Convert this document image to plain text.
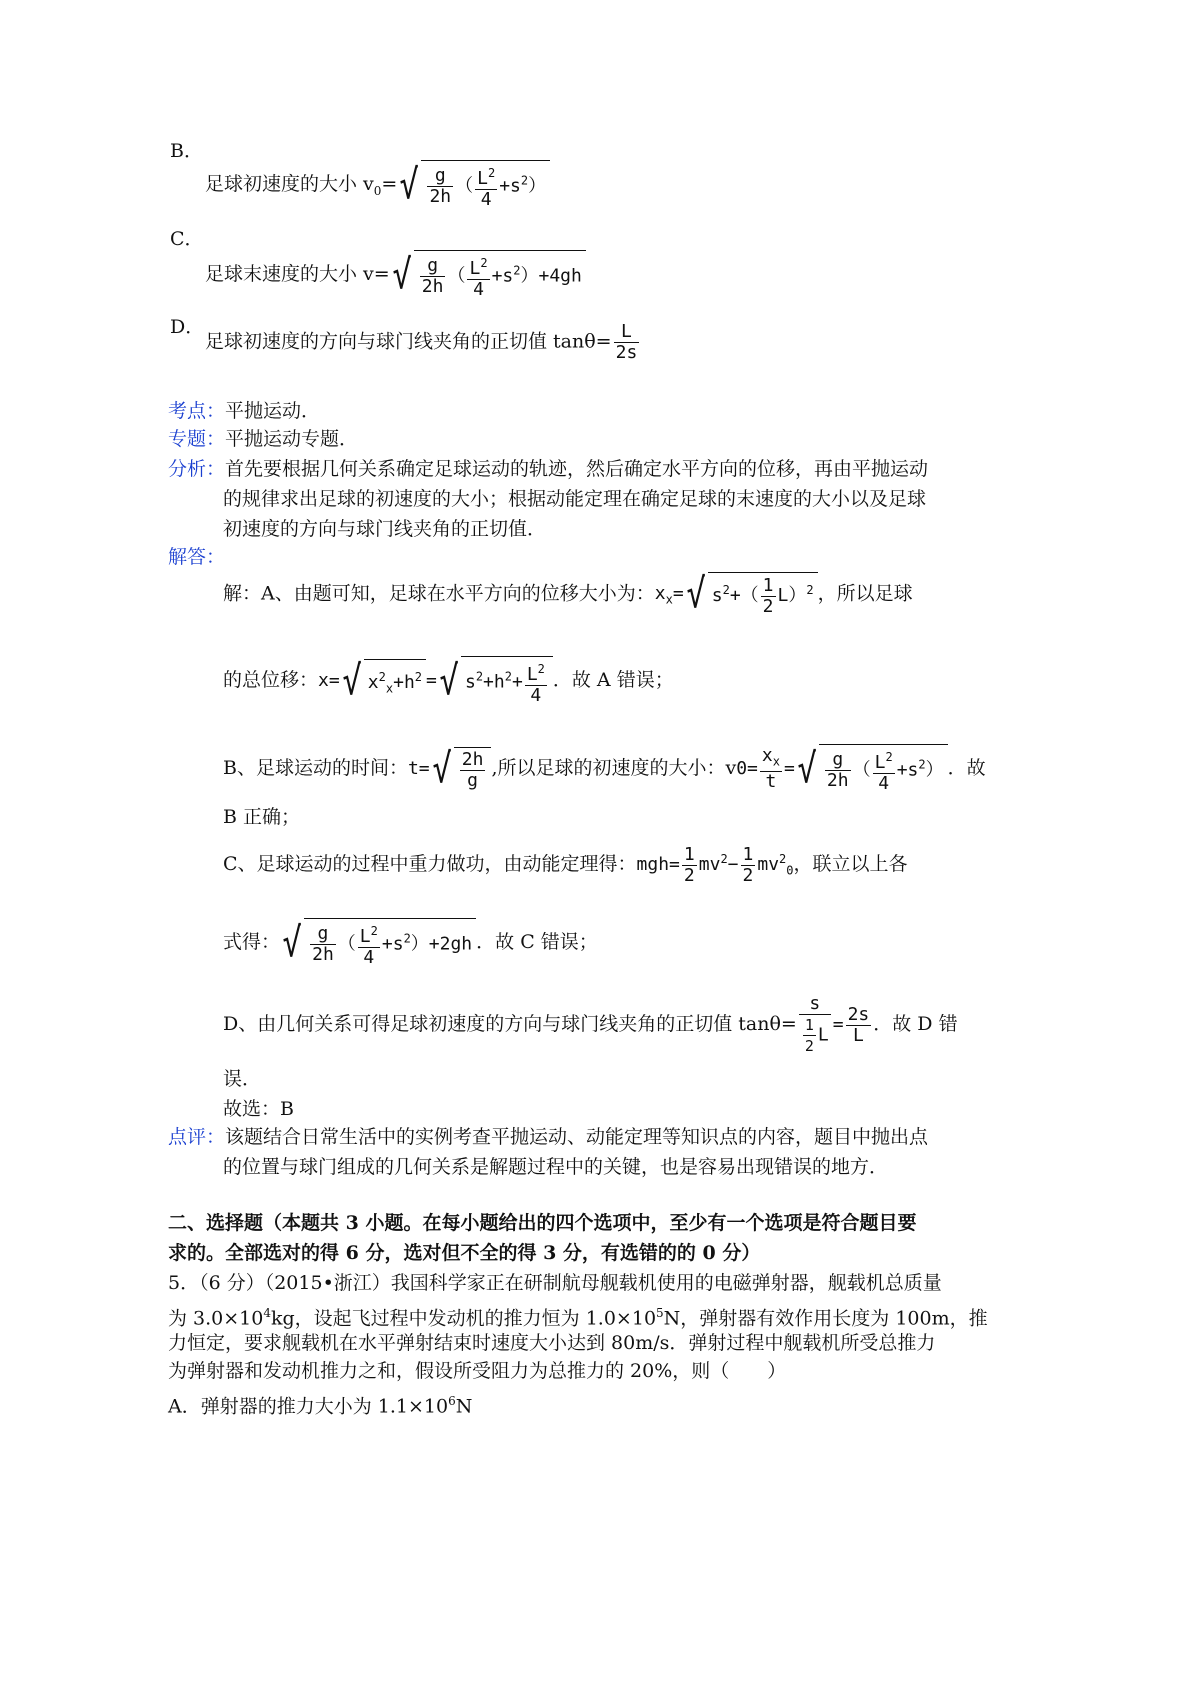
B．
足球初速度的大小 $v_0=√ \frac{g}{2h}$ （ $\frac{L^2}{4} +s^2$）
C．
足球末速度的大小 $v=√ \frac{g}{2h}$ （ $\frac{L^2}{4} +s^2)+4gh$
D．
足球初速度的方向与球门线夹角的正切值 $\tan\theta= \frac{L}{2s}$
考点：平抛运动．
专题：平抛运动专题．
分析：首先要根据几何关系确定足球运动的轨迹，然后确定水平方向的位移，再由平抛运动
的规律求出足球的初速度的大小；根据动能定理在确定足球的末速度的大小以及足球
初速度的方向与球门线夹角的正切值．
解答：
解：A、由题可知，足球在水平方向的位移大小为：$x_x=√$ $s^2+( \frac{1}{2} L)^2$ ，所以足球
的总位移：x=√ $x^2_x+h^2$ =√ $s^2+h^2+ \frac{L^2}{4}$ ．故 A 错误；
B、足球运动的时间：$t=√ \frac{2h}{g}$ ,所以足球的初速度的大小：$v0= \frac{x_x}{t}$ =√ $\frac{g}{2h}$ （ $\frac{L^2}{4} +s^2$） ．故
B 正确；
C、足球运动的过程中重力做功，由动能定理得：$mgh= \frac{1}{2} mv^2- \frac{1}{2} mv^2_0$，联立以上各
式得：√ $\frac{g}{2h}$ （ $\frac{L^2}{4} +s^2)+2gh$ ．故 C 错误；
D、由几何关系可得足球初速度的方向与球门线夹角的正切值 $\tan\theta= \frac{s}{\frac{1}{2} L} = \frac{2s}{L}$ ．故 D 错
误．
故选：B
点评：该题结合日常生活中的实例考查平抛运动、动能定理等知识点的内容，题目中抛出点
的位置与球门组成的几何关系是解题过程中的关键，也是容易出现错误的地方．
二、选择题（本题共 3 小题。在每小题给出的四个选项中，至少有一个选项是符合题目要
求的。全部选对的得 6 分，选对但不全的得 3 分，有选错的的 0 分）
5．（6 分）（2015•浙江）我国科学家正在研制航母舰载机使用的电磁弹射器，舰载机总质量
为 $3.0\times 10^4kg$，设起飞过程中发动机的推力恒为 $1.0\times 10^5N$，弹射器有效作用长度为 100m，推
力恒定，要求舰载机在水平弹射结束时速度大小达到 80m/s．弹射过程中舰载机所受总推力
为弹射器和发动机推力之和，假设所受阻力为总推力的 20%，则（　　）
A．弹射器的推力大小为 $1.1\times 10^6N$
